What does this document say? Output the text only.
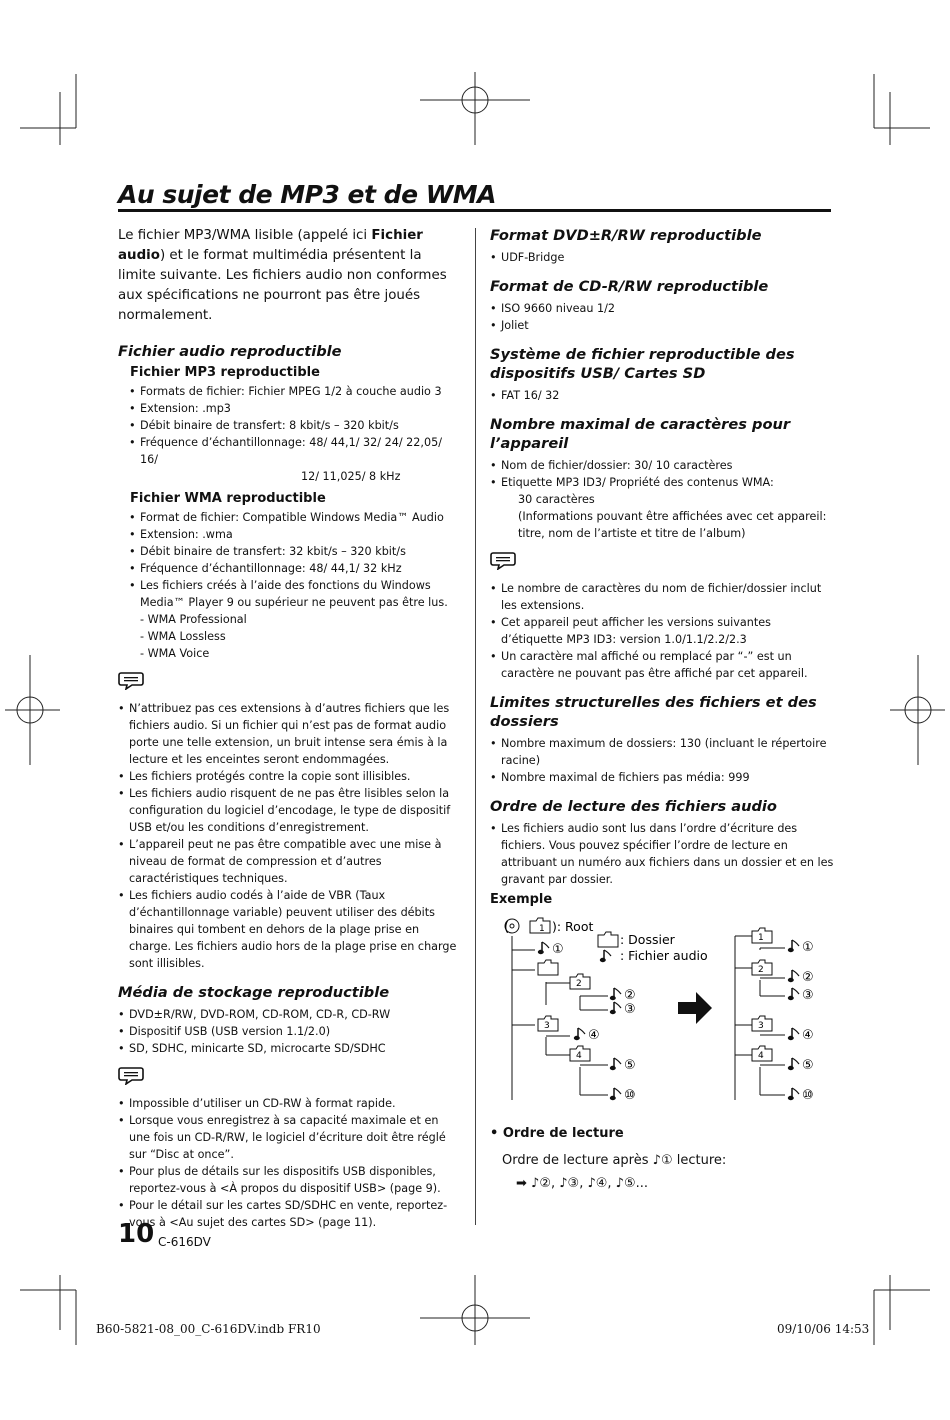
Au sujet de MP3 et de WMA

Le fichier MP3/WMA lisible (appelé ici Fichier audio) et le format multimédia présentent la limite suivante. Les fichiers audio non conformes aux spécifications ne pourront pas être joués normalement.

Fichier audio reproductible
Fichier MP3 reproductible
• Formats de fichier: Fichier MPEG 1/2 à couche audio 3
• Extension: .mp3
• Débit binaire de transfert: 8 kbit/s – 320 kbit/s
• Fréquence d’échantillonnage: 48/ 44,1/ 32/ 24/ 22,05/ 16/
12/ 11,025/ 8 kHz
Fichier WMA reproductible
• Format de fichier: Compatible Windows Media™ Audio
• Extension: .wma
• Débit binaire de transfert: 32 kbit/s – 320 kbit/s
• Fréquence d’échantillonnage: 48/ 44,1/ 32 kHz
• Les fichiers créés à l’aide des fonctions du Windows Media™ Player 9 ou supérieur ne peuvent pas être lus.
- WMA Professional
- WMA Lossless
- WMA Voice
• N’attribuez pas ces extensions à d’autres fichiers que les fichiers audio. Si un fichier qui n’est pas de format audio porte une telle extension, un bruit intense sera émis à la lecture et les enceintes seront endommagées.
• Les fichiers protégés contre la copie sont illisibles.
• Les fichiers audio risquent de ne pas être lisibles selon la configuration du logiciel d’encodage, le type de dispositif USB et/ou les conditions d’enregistrement.
• L’appareil peut ne pas être compatible avec une mise à niveau de format de compression et d’autres caractéristiques techniques.
• Les fichiers audio codés à l’aide de VBR (Taux d’échantillonnage variable) peuvent utiliser des débits binaires qui tombent en dehors de la plage prise en charge. Les fichiers audio hors de la plage prise en charge sont illisibles.
Média de stockage reproductible
• DVD±R/RW, DVD-ROM, CD-ROM, CD-R, CD-RW
• Dispositif USB (USB version 1.1/2.0)
• SD, SDHC, minicarte SD, microcarte SD/SDHC
• Impossible d’utiliser un CD-RW à format rapide.
• Lorsque vous enregistrez à sa capacité maximale et en une fois un CD-R/RW, le logiciel d’écriture doit être réglé sur “Disc at once”.
• Pour plus de détails sur les dispositifs USB disponibles, reportez-vous à <À propos du dispositif USB> (page 9).
• Pour le détail sur les cartes SD/SDHC en vente, reportez-vous à <Au sujet des cartes SD> (page 11).
Format DVD±R/RW reproductible
• UDF-Bridge
Format de CD-R/RW reproductible
• ISO 9660 niveau 1/2
• Joliet
Système de fichier reproductible des dispositifs USB/ Cartes SD
• FAT 16/ 32
Nombre maximal de caractères pour l’appareil
• Nom de fichier/dossier: 30/ 10 caractères
• Etiquette MP3 ID3/ Propriété des contenus WMA:
30 caractères
(Informations pouvant être affichées avec cet appareil: titre, nom de l’artiste et titre de l’album)
• Le nombre de caractères du nom de fichier/dossier inclut les extensions.
• Cet appareil peut afficher les versions suivantes d’étiquette MP3 ID3: version 1.0/1.1/2.2/2.3
• Un caractère mal affiché ou remplacé par “-” est un caractère ne pouvant pas être affiché par cet appareil.
Limites structurelles des fichiers et des dossiers
• Nombre maximum de dossiers: 130 (incluant le répertoire racine)
• Nombre maximal de fichiers pas média: 999
Ordre de lecture des fichiers audio
• Les fichiers audio sont lus dans l’ordre d’écriture des fichiers. Vous pouvez spécifier l’ordre de lecture en attribuant un numéro aux fichiers dans un dossier et en les gravant par dossier.
Exemple
1
(	): Root
: Dossier
: Fichier audio
①
2
②
③
3
④
4
⑤
⑩
1
①
2	②
③
3
④
4
⑤
⑩
• Ordre de lecture
Ordre de lecture après ♪① lecture:
➡ ♪②, ♪③, ♪④, ♪⑤...
10 C-616DV
B60-5821-08_00_C-616DV.indb FR10	09/10/06 14:53
